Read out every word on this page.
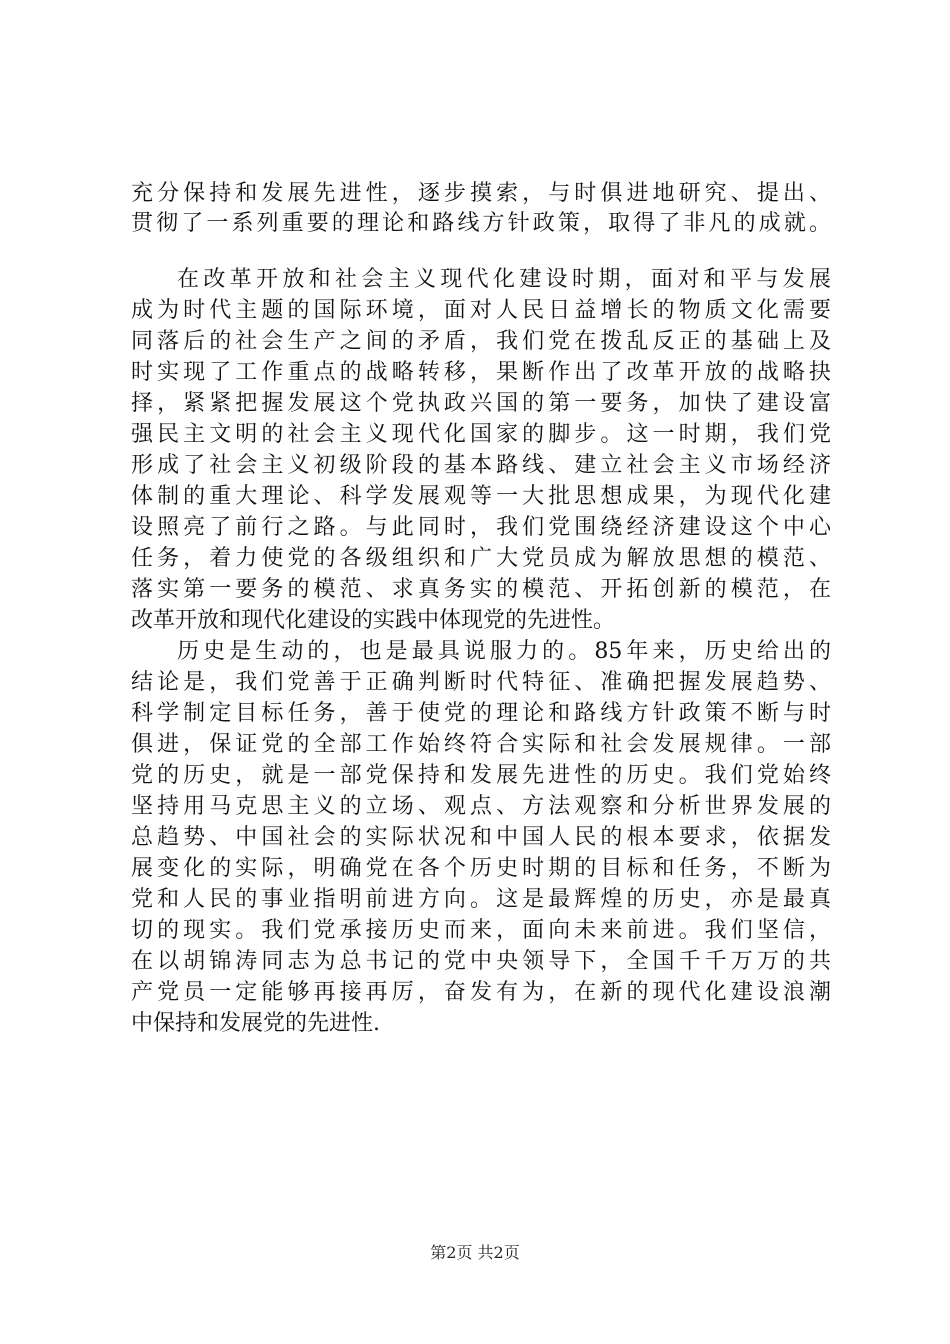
充分保持和发展先进性，逐步摸索，与时俱进地研究、提出、
贯彻了一系列重要的理论和路线方针政策，取得了非凡的成就。
在改革开放和社会主义现代化建设时期，面对和平与发展
成为时代主题的国际环境，面对人民日益增长的物质文化需要
同落后的社会生产之间的矛盾，我们党在拨乱反正的基础上及
时实现了工作重点的战略转移，果断作出了改革开放的战略抉
择，紧紧把握发展这个党执政兴国的第一要务，加快了建设富
强民主文明的社会主义现代化国家的脚步。这一时期，我们党
形成了社会主义初级阶段的基本路线、建立社会主义市场经济
体制的重大理论、科学发展观等一大批思想成果，为现代化建
设照亮了前行之路。与此同时，我们党围绕经济建设这个中心
任务，着力使党的各级组织和广大党员成为解放思想的模范、
落实第一要务的模范、求真务实的模范、开拓创新的模范，在
改革开放和现代化建设的实践中体现党的先进性。
历史是生动的，也是最具说服力的。85年来，历史给出的
结论是，我们党善于正确判断时代特征、准确把握发展趋势、
科学制定目标任务，善于使党的理论和路线方针政策不断与时
俱进，保证党的全部工作始终符合实际和社会发展规律。一部
党的历史，就是一部党保持和发展先进性的历史。我们党始终
坚持用马克思主义的立场、观点、方法观察和分析世界发展的
总趋势、中国社会的实际状况和中国人民的根本要求，依据发
展变化的实际，明确党在各个历史时期的目标和任务，不断为
党和人民的事业指明前进方向。这是最辉煌的历史，亦是最真
切的现实。我们党承接历史而来，面向未来前进。我们坚信，
在以胡锦涛同志为总书记的党中央领导下，全国千千万万的共
产党员一定能够再接再厉，奋发有为，在新的现代化建设浪潮
中保持和发展党的先进性.
第2页 共2页
